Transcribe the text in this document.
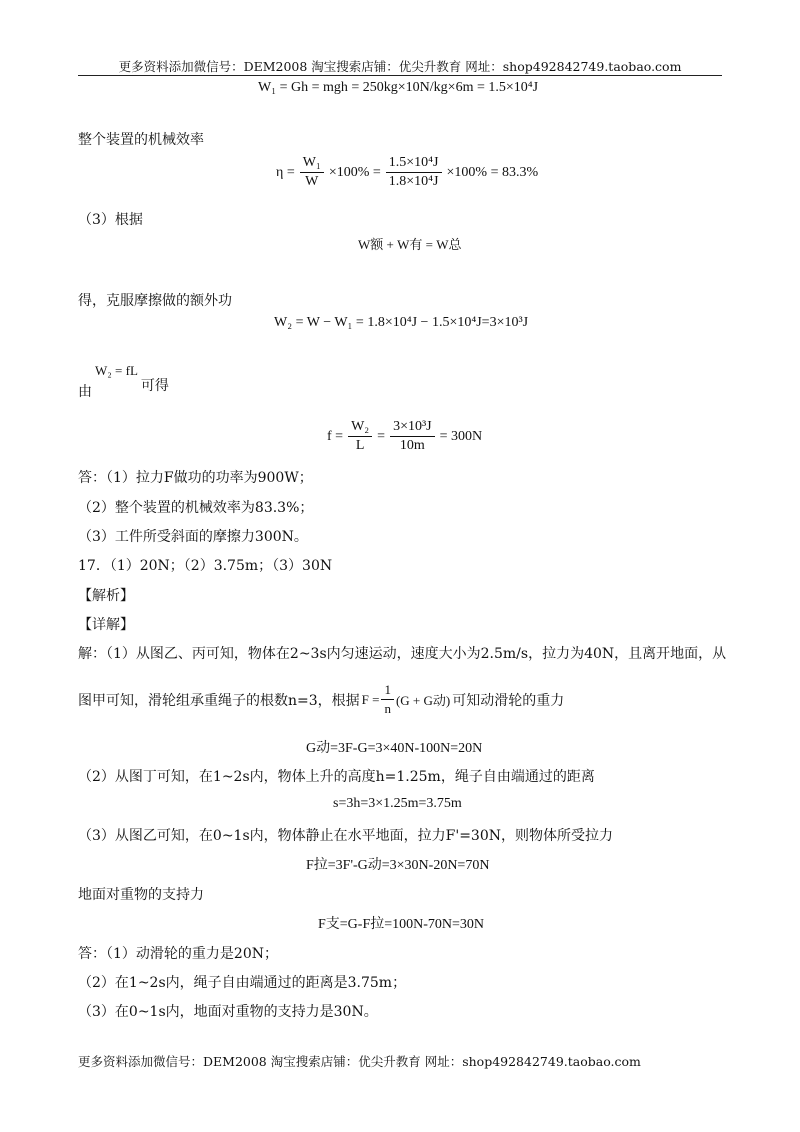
更多资料添加微信号：DEM2008 淘宝搜索店铺：优尖升教育 网址：shop492842749.taobao.com
W₁ = Gh = mgh = 250kg×10N/kg×6m = 1.5×10⁴J
整个装置的机械效率
$\eta = \frac{\text{W₁}}{W} \times 100\% = \frac{\text{1.5×10⁴J}}{\text{1.8×10⁴J}} \times 100\% = 83.3\%$
（3）根据
W额 + W有 = W总
得，克服摩擦做的额外功
W₂ = W − W₁ = 1.8×10⁴J − 1.5×10⁴J=3×10³J
由
W₂ = fL
可得
$f = \frac{\text{W₂}}{L} = \frac{\text{3×10³J}}{10m} = 300N$
答：（1）拉力F做功的功率为900W；
（2）整个装置的机械效率为83.3%；
（3）工件所受斜面的摩擦力300N。
17．（1）20N；（2）3.75m；（3）30N
【解析】
【详解】
解：（1）从图乙、丙可知，物体在2~3s内匀速运动，速度大小为2.5m/s，拉力为40N，且离开地面，从
图甲可知，滑轮组承重绳子的根数n=3，根据 $F = \frac{1}{n} (G + G$动) 可知动滑轮的重力
G动=3F-G=3×40N-100N=20N
（2）从图丁可知，在1~2s内，物体上升的高度h=1.25m，绳子自由端通过的距离
s=3h=3×1.25m=3.75m
（3）从图乙可知，在0~1s内，物体静止在水平地面，拉力F'=30N，则物体所受拉力
F拉=3F'-G动=3×30N-20N=70N
地面对重物的支持力
F支=G-F拉=100N-70N=30N
答：（1）动滑轮的重力是20N；
（2）在1~2s内，绳子自由端通过的距离是3.75m；
（3）在0~1s内，地面对重物的支持力是30N。
更多资料添加微信号：DEM2008 淘宝搜索店铺：优尖升教育 网址：shop492842749.taobao.com
